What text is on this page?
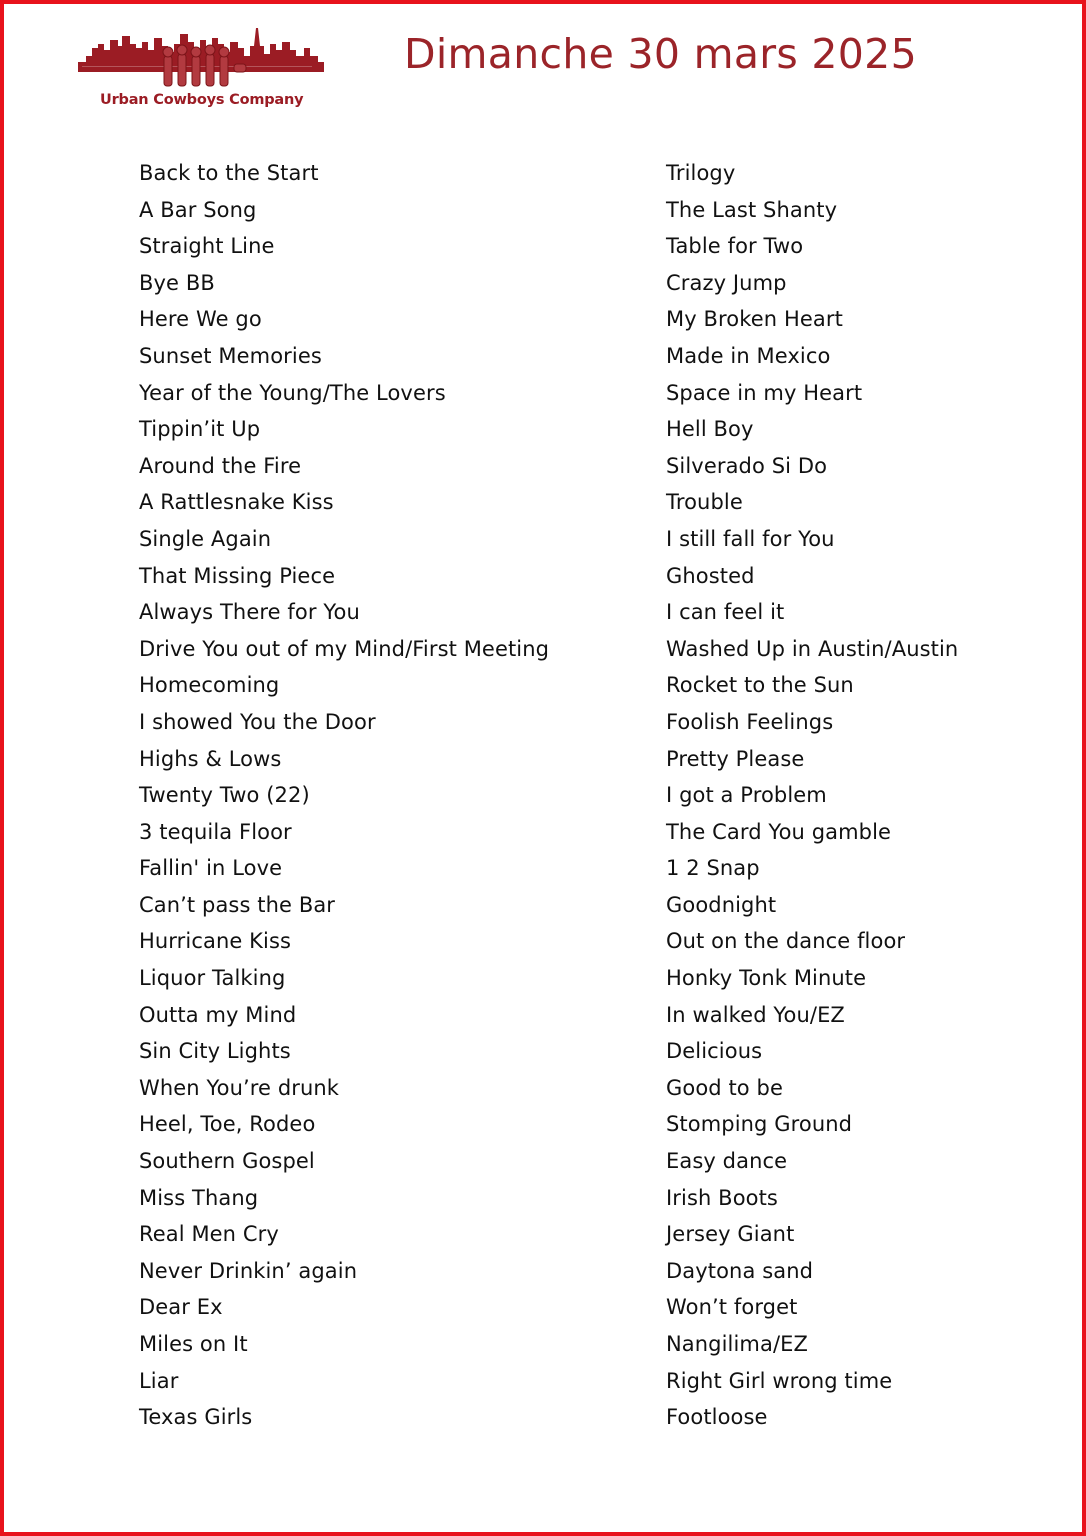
Urban Cowboys Company
Dimanche 30 mars 2025
Back to the Start
A Bar Song
Straight Line
Bye BB
Here We go
Sunset Memories
Year of the Young/The Lovers
Tippin’it Up
Around the Fire
A Rattlesnake Kiss
Single Again
That Missing Piece
Always There for You
Drive You out of my Mind/First Meeting
Homecoming
I showed You the Door
Highs & Lows
Twenty Two (22)
3 tequila Floor
Fallin' in Love
Can’t pass the Bar
Hurricane Kiss
Liquor Talking
Outta my Mind
Sin City Lights
When You’re drunk
Heel, Toe, Rodeo
Southern Gospel
Miss Thang
Real Men Cry
Never Drinkin’ again
Dear Ex
Miles on It
Liar
Texas Girls
Trilogy
The Last Shanty
Table for Two
Crazy Jump
My Broken Heart
Made in Mexico
Space in my Heart
Hell Boy
Silverado Si Do
Trouble
I still fall for You
Ghosted
I can feel it
Washed Up in Austin/Austin
Rocket to the Sun
Foolish Feelings
Pretty Please
I got a Problem
The Card You gamble
1 2 Snap
Goodnight
Out on the dance floor
Honky Tonk Minute
In walked You/EZ
Delicious
Good to be
Stomping Ground
Easy dance
Irish Boots
Jersey Giant
Daytona sand
Won’t forget
Nangilima/EZ
Right Girl wrong time
Footloose
